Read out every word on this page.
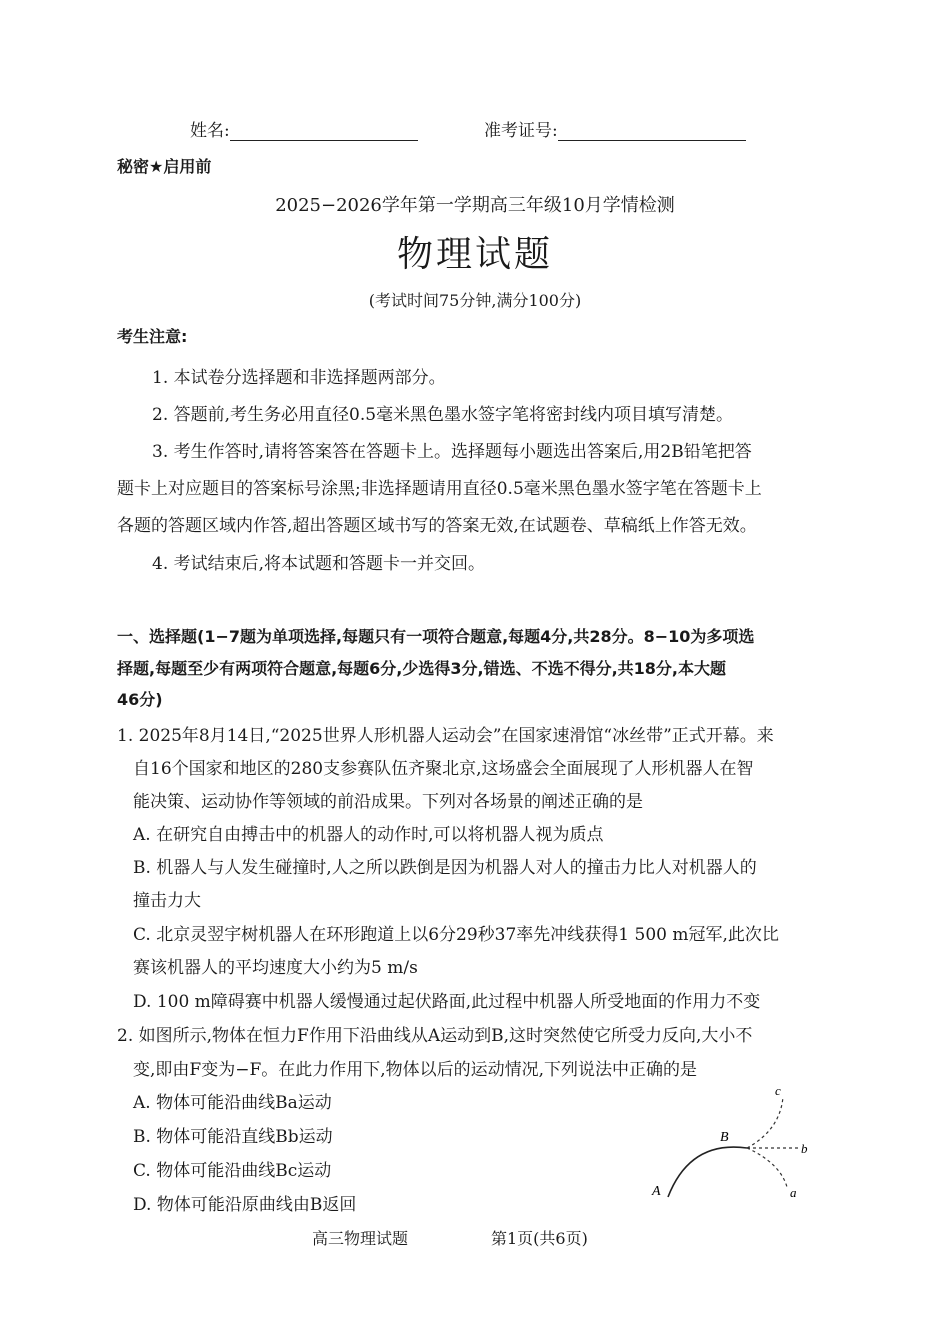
姓名:	准考证号:
秘密★启用前
2025−2026学年第一学期高三年级10月学情检测
物理试题
(考试时间75分钟,满分100分)
考生注意:
1. 本试卷分选择题和非选择题两部分。
2. 答题前,考生务必用直径0.5毫米黑色墨水签字笔将密封线内项目填写清楚。
3. 考生作答时,请将答案答在答题卡上。选择题每小题选出答案后,用2B铅笔把答
题卡上对应题目的答案标号涂黑;非选择题请用直径0.5毫米黑色墨水签字笔在答题卡上
各题的答题区域内作答,超出答题区域书写的答案无效,在试题卷、草稿纸上作答无效。
4. 考试结束后,将本试题和答题卡一并交回。
一、选择题(1−7题为单项选择,每题只有一项符合题意,每题4分,共28分。8−10为多项选
择题,每题至少有两项符合题意,每题6分,少选得3分,错选、不选不得分,共18分,本大题
46分)
1. 2025年8月14日,“2025世界人形机器人运动会”在国家速滑馆“冰丝带”正式开幕。来
自16个国家和地区的280支参赛队伍齐聚北京,这场盛会全面展现了人形机器人在智
能决策、运动协作等领域的前沿成果。下列对各场景的阐述正确的是
A. 在研究自由搏击中的机器人的动作时,可以将机器人视为质点
B. 机器人与人发生碰撞时,人之所以跌倒是因为机器人对人的撞击力比人对机器人的
撞击力大
C. 北京灵翌宇树机器人在环形跑道上以6分29秒37率先冲线获得1 500 m冠军,此次比
赛该机器人的平均速度大小约为5 m/s
D. 100 m障碍赛中机器人缓慢通过起伏路面,此过程中机器人所受地面的作用力不变
2. 如图所示,物体在恒力F作用下沿曲线从A运动到B,这时突然使它所受力反向,大小不
变,即由F变为−F。在此力作用下,物体以后的运动情况,下列说法中正确的是
A. 物体可能沿曲线Ba运动
B. 物体可能沿直线Bb运动
C. 物体可能沿曲线Bc运动
D. 物体可能沿原曲线由B返回
A
B
c
b
a
高三物理试题	第1页(共6页)
